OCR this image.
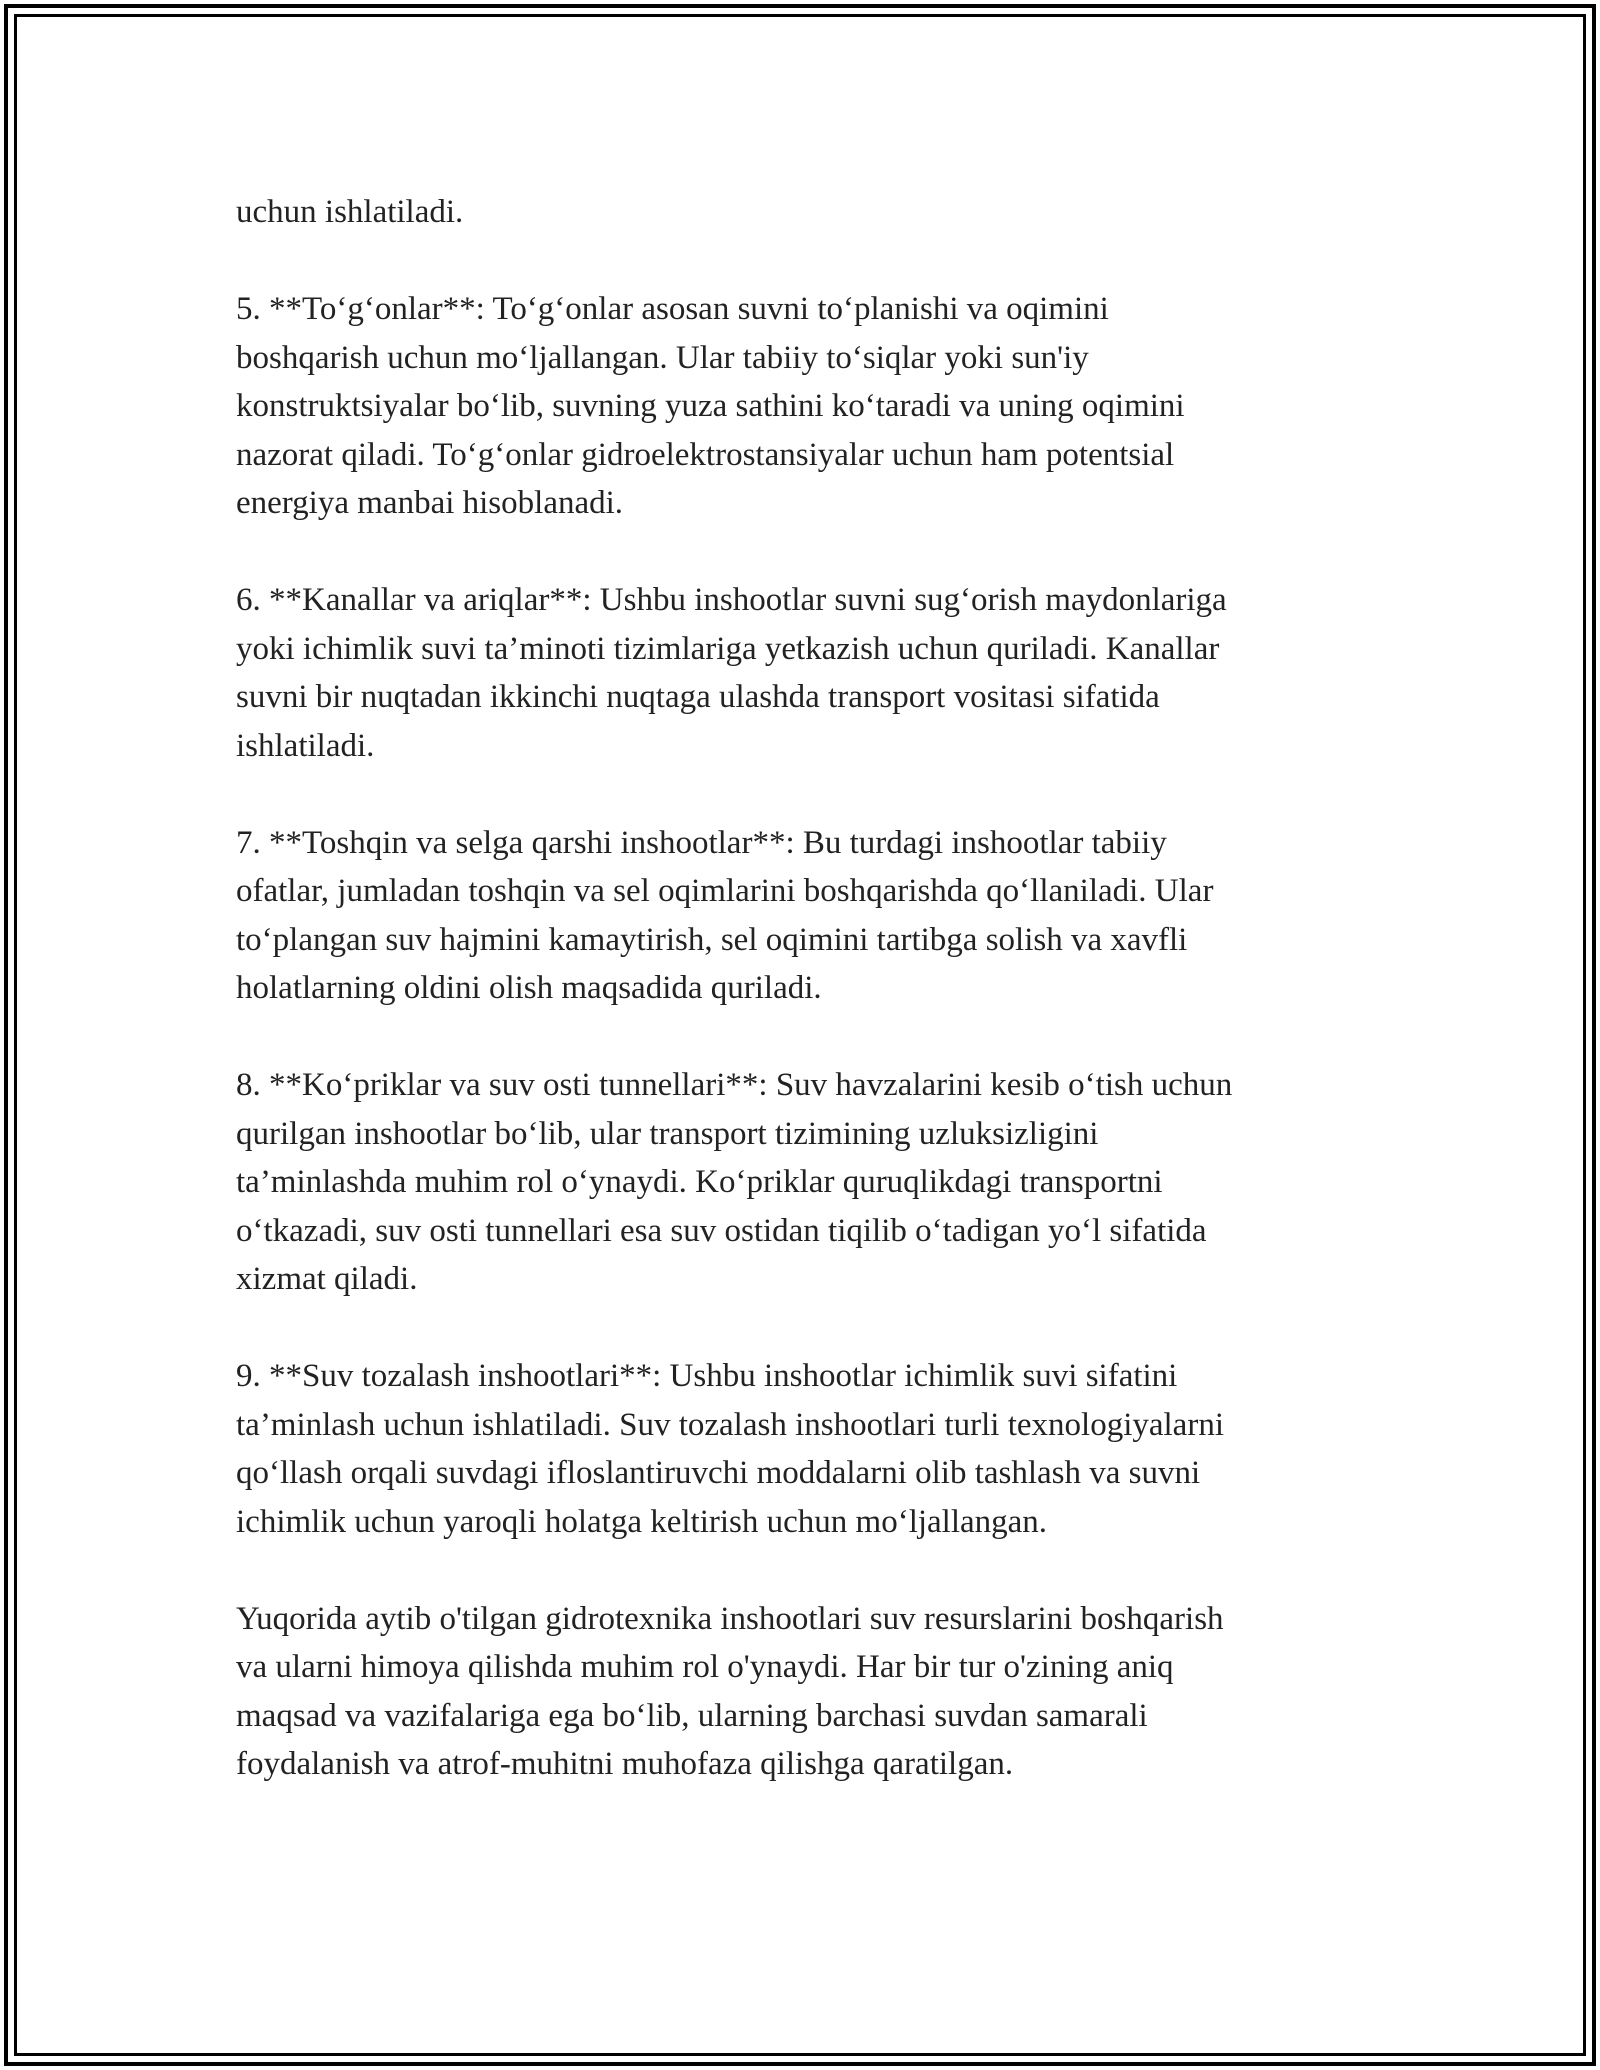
uchun ishlatiladi.

5. **To‘g‘onlar**: To‘g‘onlar asosan suvni to‘planishi va oqimini
boshqarish uchun mo‘ljallangan. Ular tabiiy to‘siqlar yoki sun'iy
konstruktsiyalar bo‘lib, suvning yuza sathini ko‘taradi va uning oqimini
nazorat qiladi. To‘g‘onlar gidroelektrostansiyalar uchun ham potentsial
energiya manbai hisoblanadi.

6. **Kanallar va ariqlar**: Ushbu inshootlar suvni sug‘orish maydonlariga
yoki ichimlik suvi ta’minoti tizimlariga yetkazish uchun quriladi. Kanallar
suvni bir nuqtadan ikkinchi nuqtaga ulashda transport vositasi sifatida
ishlatiladi.

7. **Toshqin va selga qarshi inshootlar**: Bu turdagi inshootlar tabiiy
ofatlar, jumladan toshqin va sel oqimlarini boshqarishda qo‘llaniladi. Ular
to‘plangan suv hajmini kamaytirish, sel oqimini tartibga solish va xavfli
holatlarning oldini olish maqsadida quriladi.

8. **Ko‘priklar va suv osti tunnellari**: Suv havzalarini kesib o‘tish uchun
qurilgan inshootlar bo‘lib, ular transport tizimining uzluksizligini
ta’minlashda muhim rol o‘ynaydi. Ko‘priklar quruqlikdagi transportni
o‘tkazadi, suv osti tunnellari esa suv ostidan tiqilib o‘tadigan yo‘l sifatida
xizmat qiladi.

9. **Suv tozalash inshootlari**: Ushbu inshootlar ichimlik suvi sifatini
ta’minlash uchun ishlatiladi. Suv tozalash inshootlari turli texnologiyalarni
qo‘llash orqali suvdagi ifloslantiruvchi moddalarni olib tashlash va suvni
ichimlik uchun yaroqli holatga keltirish uchun mo‘ljallangan.

Yuqorida aytib o'tilgan gidrotexnika inshootlari suv resurslarini boshqarish
va ularni himoya qilishda muhim rol o'ynaydi. Har bir tur o'zining aniq
maqsad va vazifalariga ega bo‘lib, ularning barchasi suvdan samarali
foydalanish va atrof-muhitni muhofaza qilishga qaratilgan.
